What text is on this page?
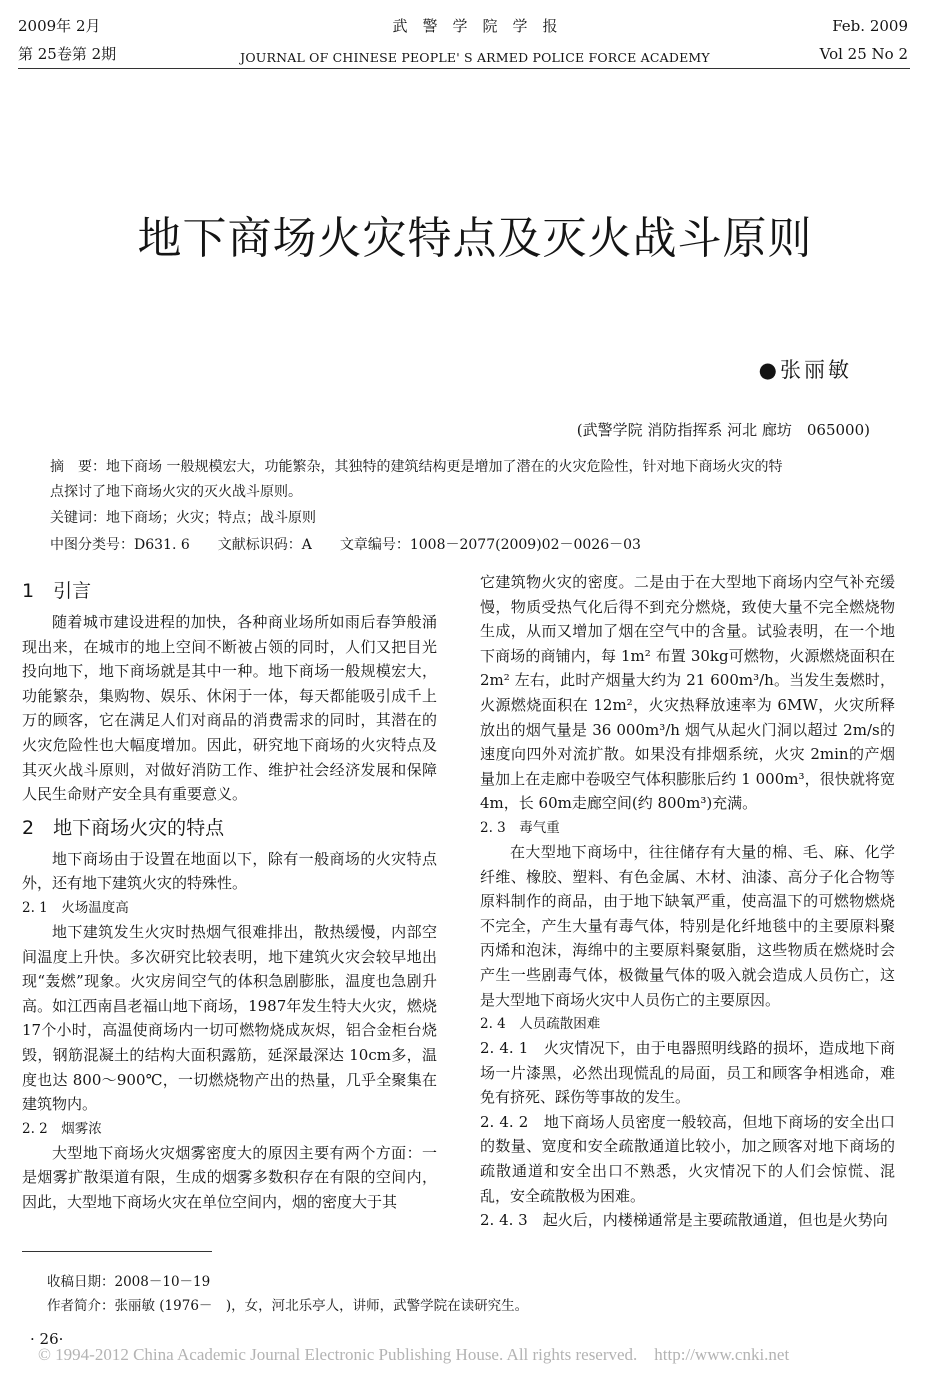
2009年 2月	武　警　学　院　学　报	Feb. 2009
第 25卷第 2期	JOURNAL OF CHINESE PEOPLE' S ARMED POLICE FORCE ACADEMY	Vol 25 No 2
地下商场火灾特点及灭火战斗原则
●张丽敏
(武警学院 消防指挥系 河北 廊坊　065000)
摘　要：地下商场 一般规模宏大，功能繁杂，其独特的建筑结构更是增加了潜在的火灾危险性，针对地下商场火灾的特
点探讨了地下商场火灾的灭火战斗原则。
关键词：地下商场；火灾；特点；战斗原则
中图分类号：D631. 6　　文献标识码：A　　文章编号：1008－2077(2009)02－0026－03

1　引言

随着城市建设进程的加快，各种商业场所如雨后春笋般涌现出来，在城市的地上空间不断被占领的同时，人们又把目光投向地下，地下商场就是其中一种。地下商场一般规模宏大，功能繁杂，集购物、娱乐、休闲于一体，每天都能吸引成千上万的顾客，它在满足人们对商品的消费需求的同时，其潜在的火灾危险性也大幅度增加。因此，研究地下商场的火灾特点及其灭火战斗原则，对做好消防工作、维护社会经济发展和保障人民生命财产安全具有重要意义。

2　地下商场火灾的特点

地下商场由于设置在地面以下，除有一般商场的火灾特点外，还有地下建筑火灾的特殊性。

2. 1　火场温度高

地下建筑发生火灾时热烟气很难排出，散热缓慢，内部空间温度上升快。多次研究比较表明，地下建筑火灾会较早地出现“轰燃”现象。火灾房间空气的体积急剧膨胀，温度也急剧升高。如江西南昌老福山地下商场，1987年发生特大火灾，燃烧 17个小时，高温使商场内一切可燃物烧成灰烬，铝合金柜台烧毁，钢筋混凝土的结构大面积露筋，延深最深达 10cm多，温度也达 800～900℃，一切燃烧物产出的热量，几乎全聚集在建筑物内。

2. 2　烟雾浓

大型地下商场火灾烟雾密度大的原因主要有两个方面：一是烟雾扩散渠道有限，生成的烟雾多数积存在有限的空间内，因此，大型地下商场火灾在单位空间内，烟的密度大于其

它建筑物火灾的密度。二是由于在大型地下商场内空气补充缓慢，物质受热气化后得不到充分燃烧，致使大量不完全燃烧物生成，从而又增加了烟在空气中的含量。试验表明，在一个地下商场的商铺内，每 1m² 布置 30kg可燃物，火源燃烧面积在 2m² 左右，此时产烟量大约为 21 600m³/h。当发生轰燃时，火源燃烧面积在 12m²，火灾热释放速率为 6MW，火灾所释放出的烟气量是 36 000m³/h 烟气从起火门洞以超过 2m/s的速度向四外对流扩散。如果没有排烟系统，火灾 2min的产烟量加上在走廊中卷吸空气体积膨胀后约 1 000m³，很快就将宽 4m，长 60m走廊空间(约 800m³)充满。

2. 3　毒气重

在大型地下商场中，往往储存有大量的棉、毛、麻、化学纤维、橡胶、塑料、有色金属、木材、油漆、高分子化合物等原料制作的商品，由于地下缺氧严重，使高温下的可燃物燃烧不完全，产生大量有毒气体，特别是化纤地毯中的主要原料聚丙烯和泡沫，海绵中的主要原料聚氨脂，这些物质在燃烧时会产生一些剧毒气体，极微量气体的吸入就会造成人员伤亡，这是大型地下商场火灾中人员伤亡的主要原因。

2. 4　人员疏散困难

2. 4. 1　火灾情况下，由于电器照明线路的损坏，造成地下商场一片漆黑，必然出现慌乱的局面，员工和顾客争相逃命，难免有挤死、踩伤等事故的发生。

2. 4. 2　地下商场人员密度一般较高，但地下商场的安全出口的数量、宽度和安全疏散通道比较小，加之顾客对地下商场的疏散通道和安全出口不熟悉，火灾情况下的人们会惊慌、混乱，安全疏散极为困难。

2. 4. 3　起火后，内楼梯通常是主要疏散通道，但也是火势向

收稿日期：2008－10－19
作者简介：张丽敏 (1976－　)，女，河北乐亭人，讲师，武警学院在读研究生。
· 26·
© 1994-2012 China Academic Journal Electronic Publishing House. All rights reserved.　http://www.cnki.net
